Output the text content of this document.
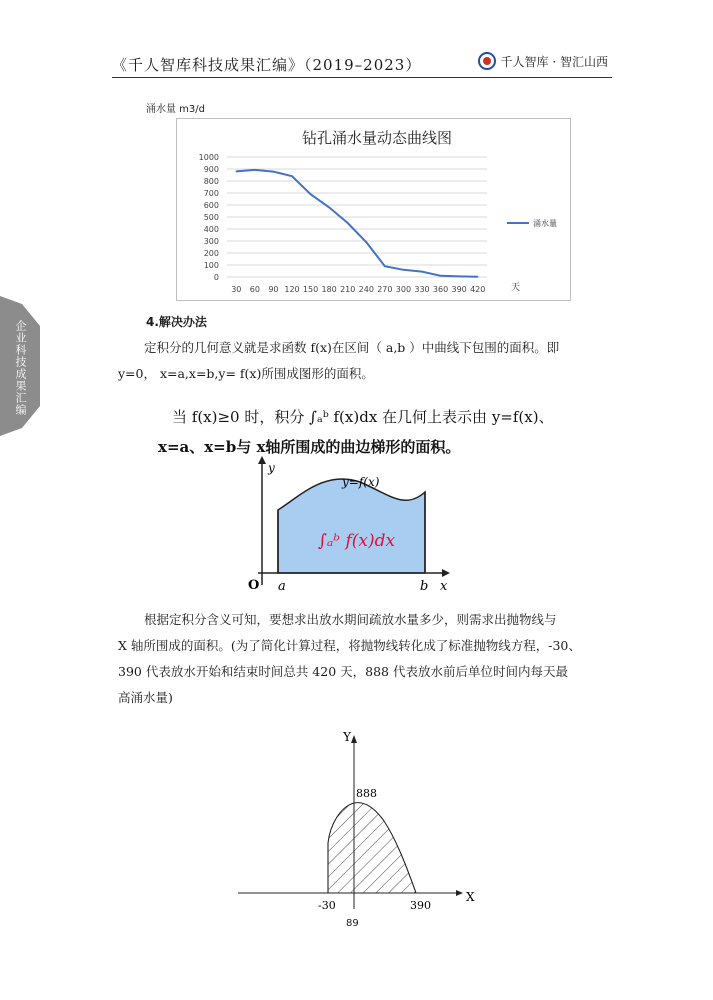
《千人智库科技成果汇编》（2019–2023）	千人智库 · 智汇山西
企业科技成果汇编
涌水量 m3/d
钻孔涌水量动态曲线图
0
100
200
300
400
500
600
700
800
900
1000
30 60 90 120 150 180 210 240 270 300 330 360 390 420	天
涌水量
4.解决办法
定积分的几何意义就是求函数 f(x)在区间（ a,b ）中曲线下包围的面积。即
y=0， x=a,x=b,y= f(x)所围成图形的面积。
当 f(x)≥0 时，积分 ∫ₐᵇ f(x)dx 在几何上表示由 y=f(x)、
x=a、x=b与 x轴所围成的曲边梯形的面积。
y
y=f(x)
∫ₐᵇ f(x)dx
O a	b x
根据定积分含义可知，要想求出放水期间疏放水量多少，则需求出抛物线与
X 轴所围成的面积。(为了简化计算过程，将抛物线转化成了标准抛物线方程，-30、
390 代表放水开始和结束时间总共 420 天，888 代表放水前后单位时间内每天最
高涌水量)
Y
X
888
-30	390
89
